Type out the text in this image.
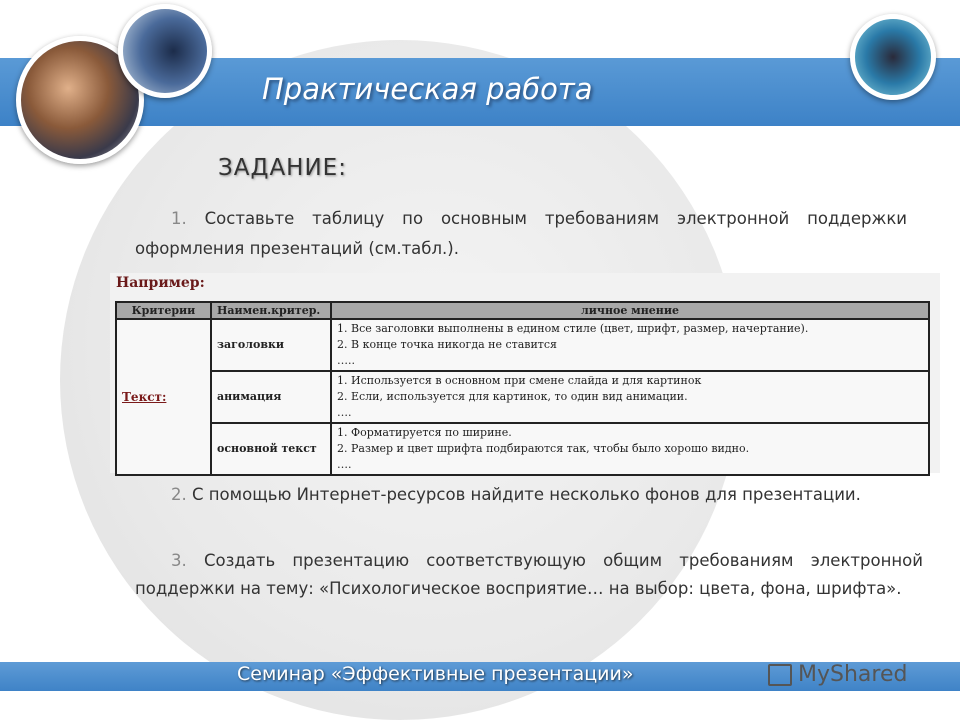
Практическая работа
ЗАДАНИЕ:
1. Составьте таблицу по основным требованиям электронной поддержки оформления презентаций (см.табл.).
Например:
Критерии	Наимен.критер.	личное мнение
Текст:	заголовки	1. Все заголовки выполнены в едином стиле (цвет, шрифт, размер, начертание).
2. В конце точка никогда не ставится
…..

	анимация	1. Используется в основном при смене слайда и для картинок
2. Если, используется для картинок, то один вид анимации.
….

	основной текст	1. Форматируется по ширине.
2. Размер и цвет шрифта подбираются так, чтобы было хорошо видно.
….
2. С помощью Интернет-ресурсов найдите несколько фонов для презентации.
3. Создать презентацию соответствующую общим требованиям электронной поддержки на тему: «Психологическое восприятие… на выбор: цвета, фона, шрифта».
Семинар «Эффективные презентации»	MyShared
